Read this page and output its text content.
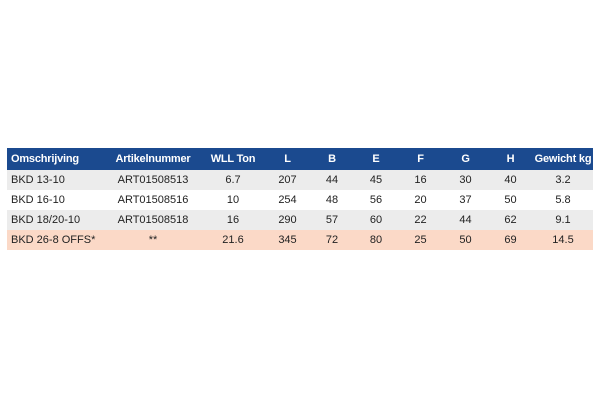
Omschrijving	Artikelnummer	WLL Ton	L	B	E	F	G	H	Gewicht kg
BKD 13-10	ART01508513	6.7	207	44	45	16	30	40	3.2
BKD 16-10	ART01508516	10	254	48	56	20	37	50	5.8
BKD 18/20-10	ART01508518	16	290	57	60	22	44	62	9.1
BKD 26-8 OFFS*	**	21.6	345	72	80	25	50	69	14.5
